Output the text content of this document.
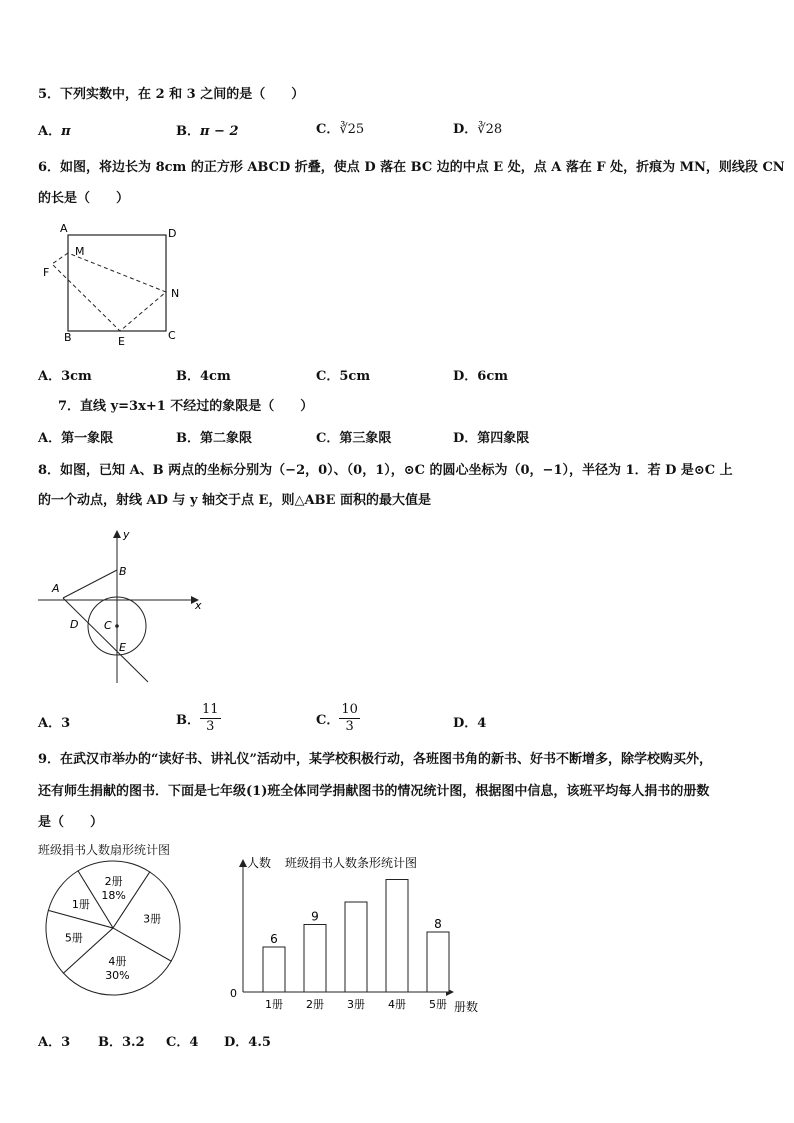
5．下列实数中，在 2 和 3 之间的是（　　）
A．π	B．π − 2	C．∛25	D．∛28
6．如图，将边长为 8cm 的正方形 ABCD 折叠，使点 D 落在 BC 边的中点 E 处，点 A 落在 F 处，折痕为 MN，则线段 CN
的长是（　　）
A	D
M
F
N
B	E	C
A．3cm	B．4cm	C．5cm	D．6cm
7．直线 y=3x+1 不经过的象限是（　　）
A．第一象限	B．第二象限	C．第三象限	D．第四象限
8．如图，已知 A、B 两点的坐标分别为（−2，0）、（0，1），⊙C 的圆心坐标为（0，−1），半径为 1．若 D 是⊙C 上
的一个动点，射线 AD 与 y 轴交于点 E，则△ABE 面积的最大值是
y
x
A
B
C
D
E
A．3	B． $\frac{11}{3}$	C． $\frac{10}{3}$	D．4
9．在武汉市举办的“读好书、讲礼仪”活动中，某学校积极行动，各班图书角的新书、好书不断增多，除学校购买外，
还有师生捐献的图书．下面是七年级(1)班全体同学捐献图书的情况统计图，根据图中信息，该班平均每人捐书的册数
是（　　）
班级捐书人数扇形统计图
2册
18%
3册
4册
30%
5册
1册
人数 班级捐书人数条形统计图
0
册数
6
1册
9
2册 3册 4册
8
5册
A．3 B．3.2 C．4 D．4.5
